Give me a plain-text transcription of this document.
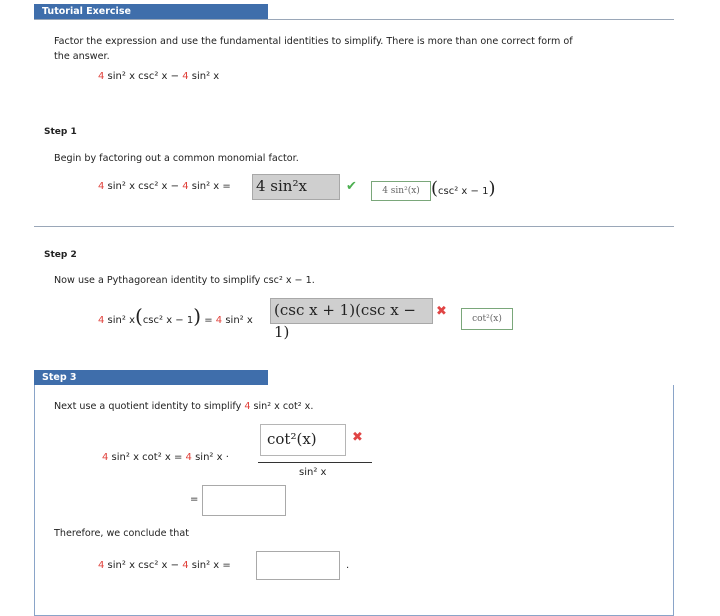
Tutorial Exercise
Factor the expression and use the fundamental identities to simplify. There is more than one correct form of
the answer.
4 sin² x csc² x − 4 sin² x
Step 1
Begin by factoring out a common monomial factor.
4 sin² x csc² x − 4 sin² x = 4 sin²x	✔	4 sin²(x) (csc² x − 1)
Step 2
Now use a Pythagorean identity to simplify csc² x − 1.
4 sin² x(csc² x − 1) = 4 sin² x
(csc x + 1)(csc x − 1)
✖	cot²(x)
Step 3
Next use a quotient identity to simplify 4 sin² x cot² x.
4 sin² x cot² x = 4 sin² x ·
cot²(x)	✖
sin² x
=
Therefore, we conclude that
4 sin² x csc² x − 4 sin² x =	.
